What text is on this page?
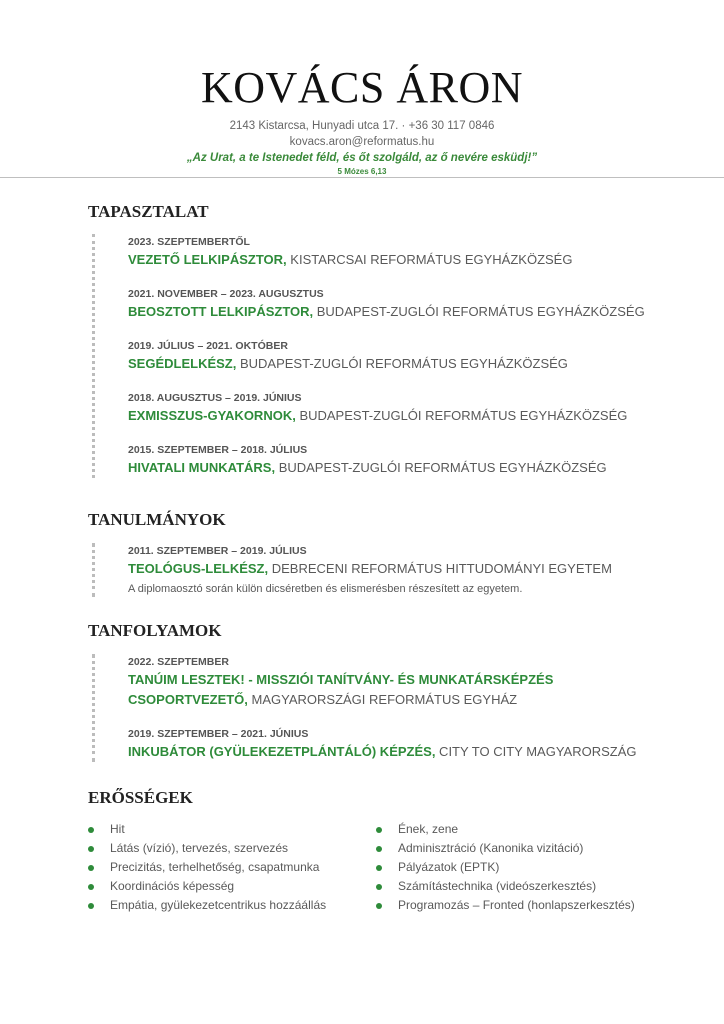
KOVÁCS ÁRON
2143 Kistarcsa, Hunyadi utca 17. · +36 30 117 0846
kovacs.aron@reformatus.hu
„Az Urat, a te Istenedet féld, és őt szolgáld, az ő nevére esküdj!”
5 Mózes 6,13
TAPASZTALAT
2023. SZEPTEMBERTŐL
VEZETŐ LELKIPÁSZTOR, KISTARCSAI REFORMÁTUS EGYHÁZKÖZSÉG
2021. NOVEMBER – 2023. AUGUSZTUS
BEOSZTOTT LELKIPÁSZTOR, BUDAPEST-ZUGLÓI REFORMÁTUS EGYHÁZKÖZSÉG
2019. JÚLIUS – 2021. OKTÓBER
SEGÉDLELKÉSZ, BUDAPEST-ZUGLÓI REFORMÁTUS EGYHÁZKÖZSÉG
2018. AUGUSZTUS – 2019. JÚNIUS
EXMISSZUS-GYAKORNOK, BUDAPEST-ZUGLÓI REFORMÁTUS EGYHÁZKÖZSÉG
2015. SZEPTEMBER – 2018. JÚLIUS
HIVATALI MUNKATÁRS, BUDAPEST-ZUGLÓI REFORMÁTUS EGYHÁZKÖZSÉG
TANULMÁNYOK
2011. SZEPTEMBER – 2019. JÚLIUS
TEOLÓGUS-LELKÉSZ, DEBRECENI REFORMÁTUS HITTUDOMÁNYI EGYETEM
A diplomaosztó során külön dicséretben és elismerésben részesített az egyetem.
TANFOLYAMOK
2022. SZEPTEMBER
TANÚIM LESZTEK! - MISSZIÓI TANÍTVÁNY- ÉS MUNKATÁRSKÉPZÉS CSOPORTVEZETŐ, MAGYARORSZÁGI REFORMÁTUS EGYHÁZ
2019. SZEPTEMBER – 2021. JÚNIUS
INKUBÁTOR (GYÜLEKEZETPLÁNTÁLÓ) KÉPZÉS, CITY TO CITY MAGYARORSZÁG
ERŐSSÉGEK
Hit
Látás (vízió), tervezés, szervezés
Precizitás, terhelhetőség, csapatmunka
Koordinációs képesség
Empátia, gyülekezetcentrikus hozzáállás
Ének, zene
Adminisztráció (Kanonika vizitáció)
Pályázatok (EPTK)
Számítástechnika (videószerkesztés)
Programozás – Fronted (honlapszerkesztés)
